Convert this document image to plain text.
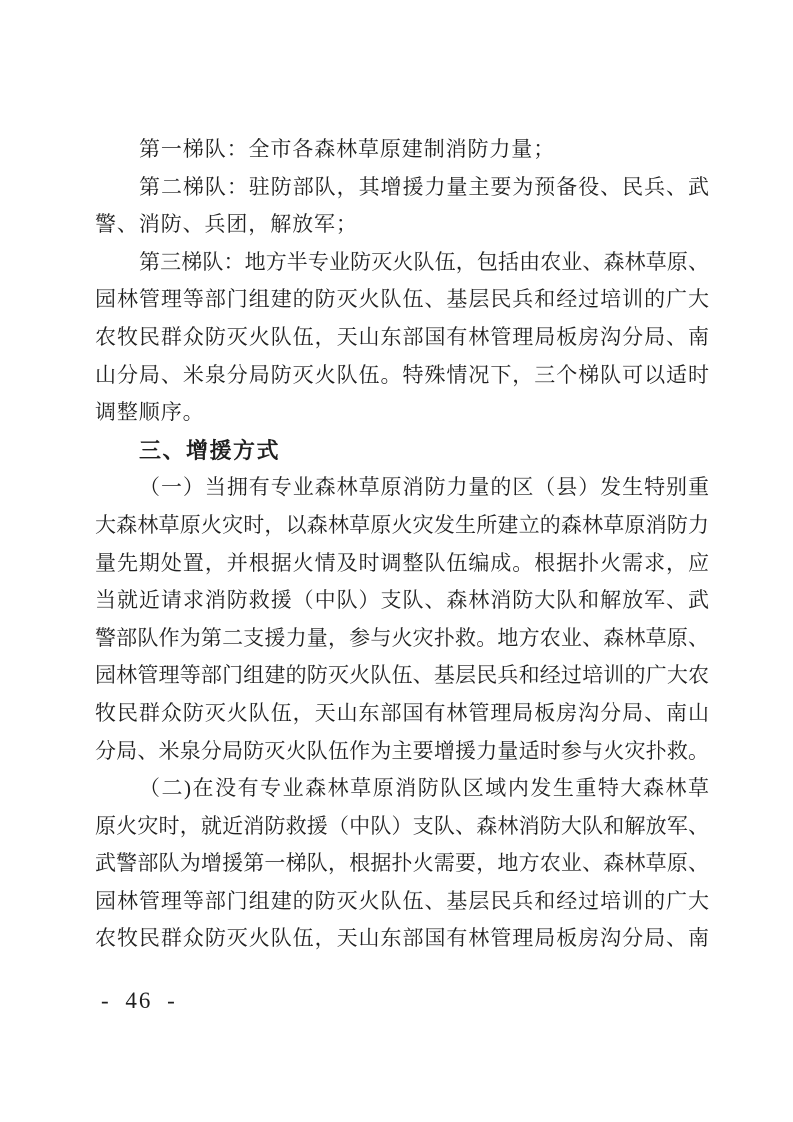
第一梯队：全市各森林草原建制消防力量；
第二梯队：驻防部队，其增援力量主要为预备役、民兵、武
警、消防、兵团，解放军；
第三梯队：地方半专业防灭火队伍，包括由农业、森林草原、
园林管理等部门组建的防灭火队伍、基层民兵和经过培训的广大
农牧民群众防灭火队伍，天山东部国有林管理局板房沟分局、南
山分局、米泉分局防灭火队伍。特殊情况下，三个梯队可以适时
调整顺序。
三、增援方式
（一）当拥有专业森林草原消防力量的区（县）发生特别重
大森林草原火灾时，以森林草原火灾发生所建立的森林草原消防力
量先期处置，并根据火情及时调整队伍编成。根据扑火需求，应
当就近请求消防救援（中队）支队、森林消防大队和解放军、武
警部队作为第二支援力量，参与火灾扑救。地方农业、森林草原、
园林管理等部门组建的防灭火队伍、基层民兵和经过培训的广大农
牧民群众防灭火队伍，天山东部国有林管理局板房沟分局、南山
分局、米泉分局防灭火队伍作为主要增援力量适时参与火灾扑救。
（二)在没有专业森林草原消防队区域内发生重特大森林草
原火灾时，就近消防救援（中队）支队、森林消防大队和解放军、
武警部队为增援第一梯队，根据扑火需要，地方农业、森林草原、
园林管理等部门组建的防灭火队伍、基层民兵和经过培训的广大
农牧民群众防灭火队伍，天山东部国有林管理局板房沟分局、南
- 46 -
